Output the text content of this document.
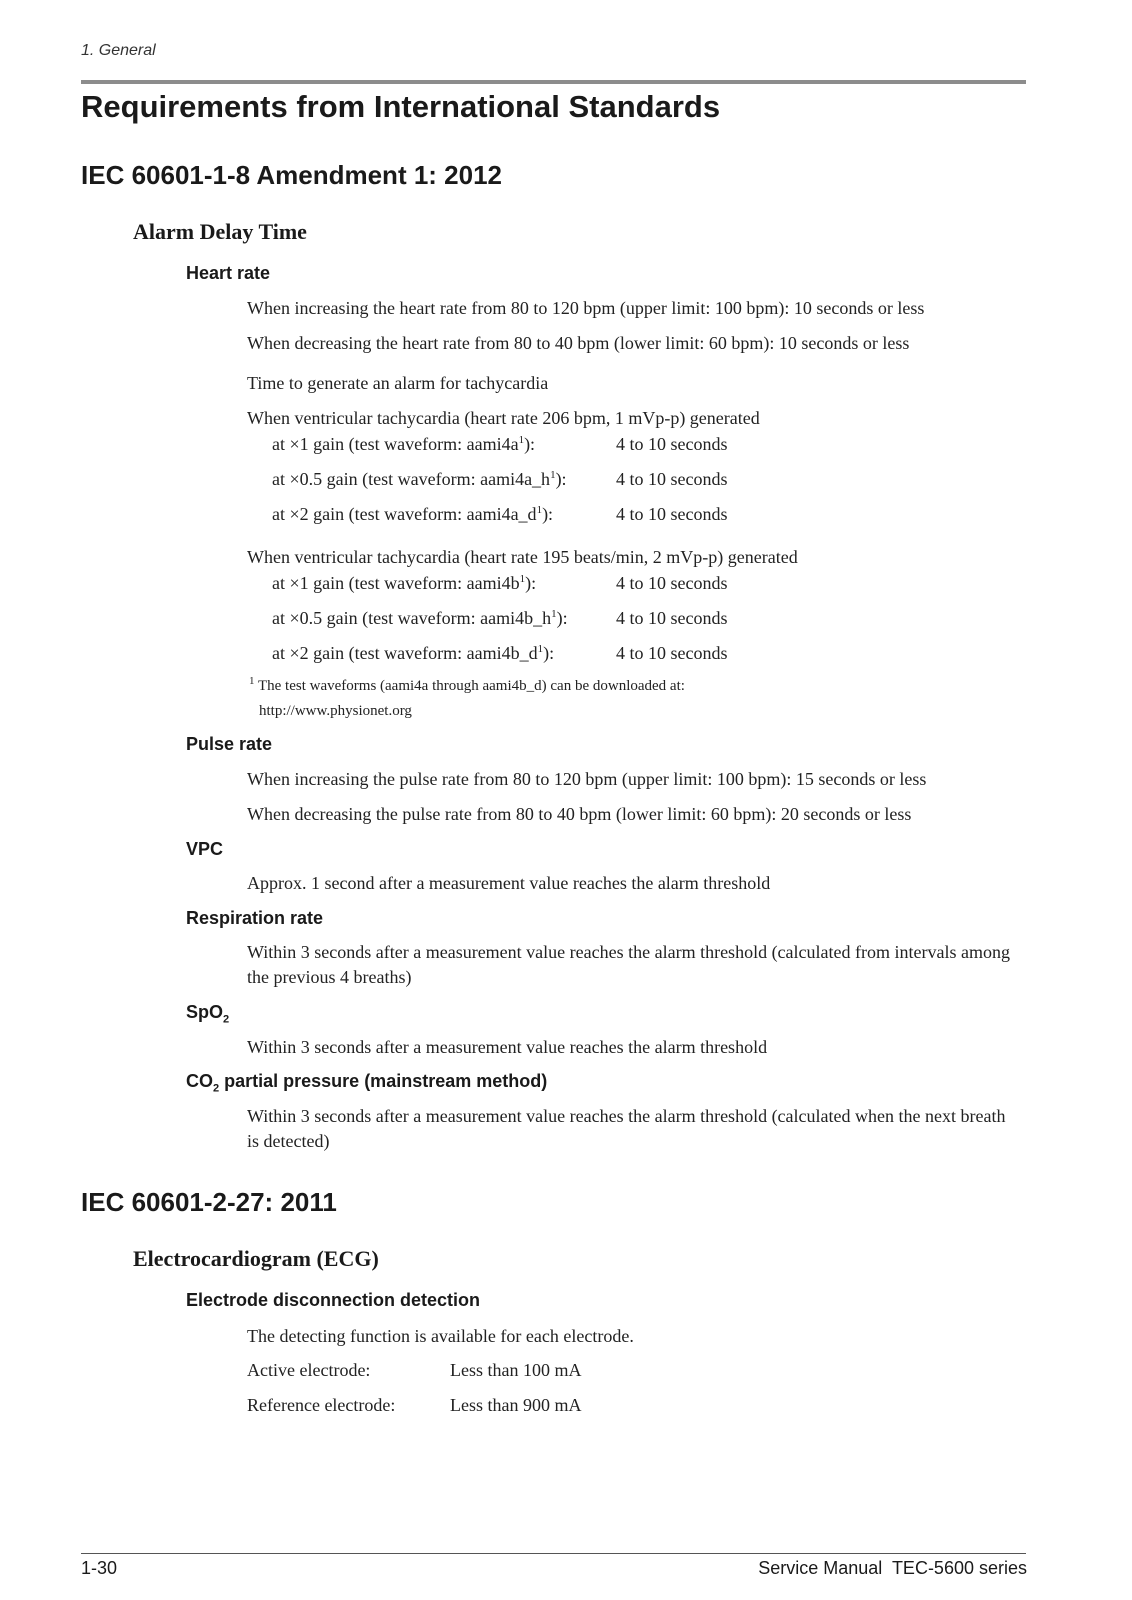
1. General
Requirements from International Standards
IEC 60601-1-8 Amendment 1: 2012
Alarm Delay Time
Heart rate
When increasing the heart rate from 80 to 120 bpm (upper limit: 100 bpm): 10 seconds or less
When decreasing the heart rate from 80 to 40 bpm (lower limit: 60 bpm): 10 seconds or less
Time to generate an alarm for tachycardia
When ventricular tachycardia (heart rate 206 bpm, 1 mVp-p) generated
at ×1 gain (test waveform: $aami4a^1$):	4 to 10 seconds
at ×0.5 gain (test waveform: $aami4a\_h^1$):	4 to 10 seconds
at ×2 gain (test waveform: $aami4a\_d^1$):	4 to 10 seconds
When ventricular tachycardia (heart rate 195 beats/min, 2 mVp-p) generated
at ×1 gain (test waveform: $aami4b^1$):	4 to 10 seconds
at ×0.5 gain (test waveform: $aami4b\_h^1$):	4 to 10 seconds
at ×2 gain (test waveform: $aami4b\_d^1$):	4 to 10 seconds
$^1$ The test waveforms (aami4a through aami4b_d) can be downloaded at:
http://www.physionet.org
Pulse rate
When increasing the pulse rate from 80 to 120 bpm (upper limit: 100 bpm): 15 seconds or less
When decreasing the pulse rate from 80 to 40 bpm (lower limit: 60 bpm): 20 seconds or less
VPC
Approx. 1 second after a measurement value reaches the alarm threshold
Respiration rate
Within 3 seconds after a measurement value reaches the alarm threshold (calculated from intervals among the previous 4 breaths)
SpO$_2$
Within 3 seconds after a measurement value reaches the alarm threshold
$CO_2$ partial pressure (mainstream method)
Within 3 seconds after a measurement value reaches the alarm threshold (calculated when the next breath is detected)
IEC 60601-2-27: 2011
Electrocardiogram (ECG)
Electrode disconnection detection
The detecting function is available for each electrode.
Active electrode:	Less than 100 mA
Reference electrode:	Less than 900 mA
1-30	Service Manual  TEC-5600 series
